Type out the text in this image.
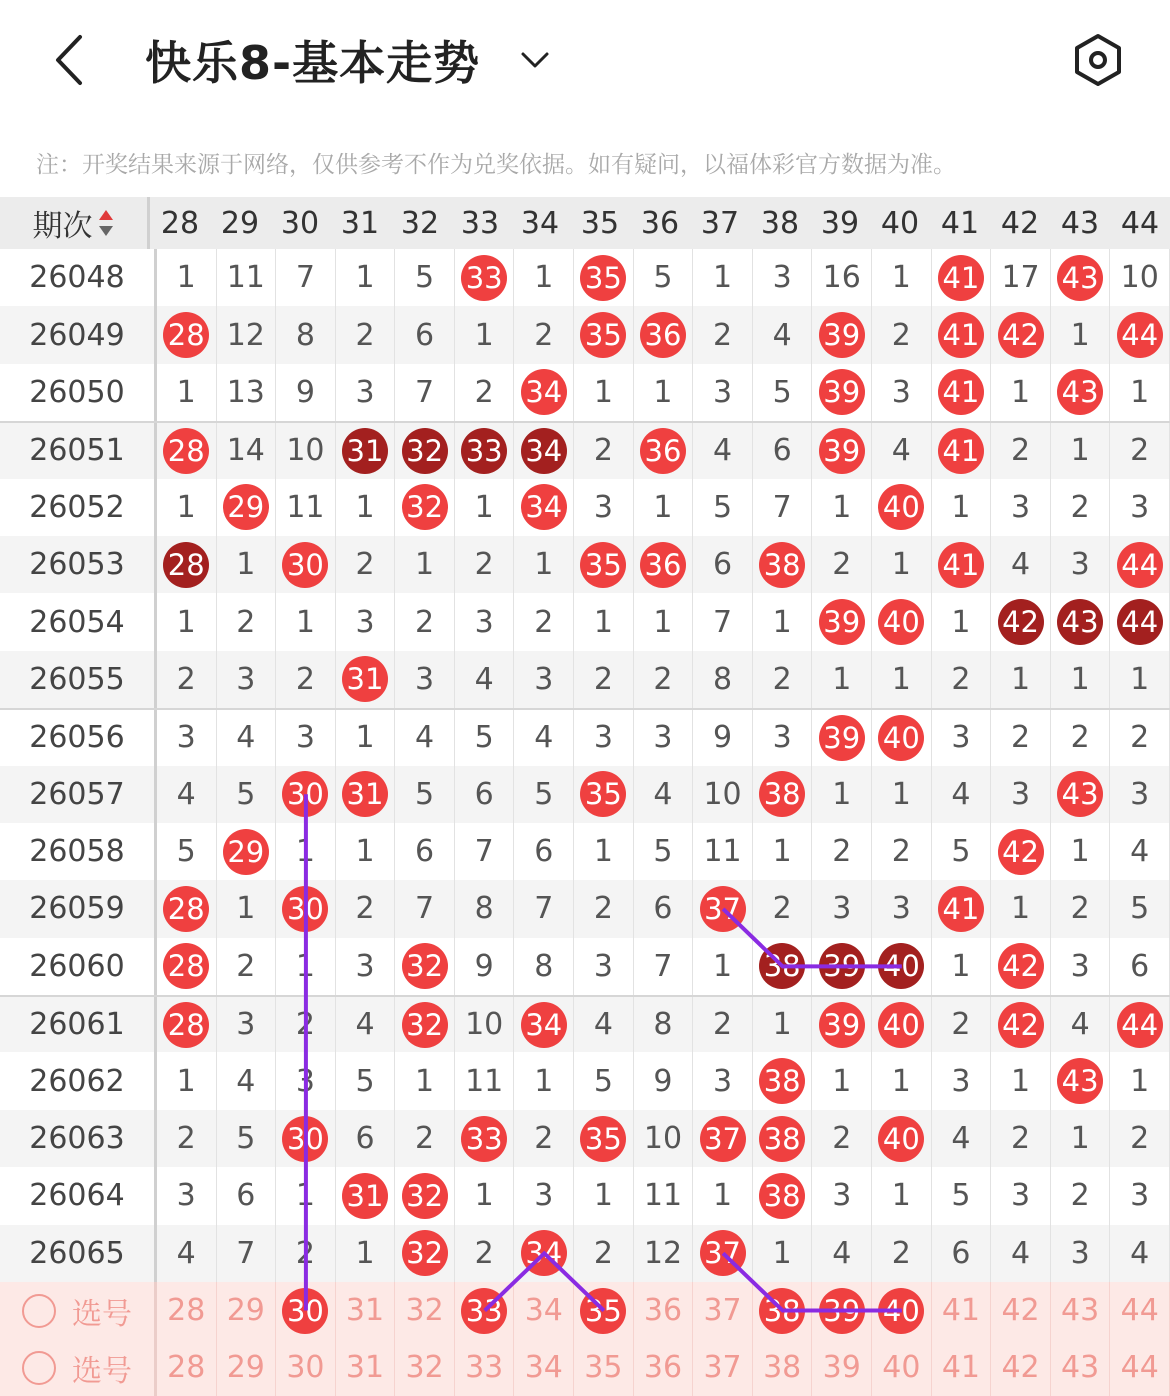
快乐8-基本走势
注：开奖结果来源于网络，仅供参考不作为兑奖依据。如有疑问，以福体彩官方数据为准。
期次	28 29 30 31 32 33 34 35 36 37 38 39 40 41 42 43 44
26048	1 11 7 1 5 33 1 35 5 1 3 16 1 41 17 43 10
26049	28 12 8 2 6 1 2 35 36 2 4 39 2 41 42 1 44
26050	1 13 9 3 7 2 34 1 1 3 5 39 3 41 1 43 1
26051	28 14 10 31 32 33 34 2 36 4 6 39 4 41 2 1 2
26052	1 29 11 1 32 1 34 3 1 5 7 1 40 1 3 2 3
26053	28 1 30 2 1 2 1 35 36 6 38 2 1 41 4 3 44
26054	1 2 1 3 2 3 2 1 1 7 1 39 40 1 42 43 44
26055	2 3 2 31 3 4 3 2 2 8 2 1 1 2 1 1 1
26056	3 4 3 1 4 5 4 3 3 9 3 39 40 3 2 2 2
26057	4 5 30 31 5 6 5 35 4 10 38 1 1 4 3 43 3
26058	5 29 1 1 6 7 6 1 5 11 1 2 2 5 42 1 4
26059	28 1 30 2 7 8 7 2 6 37 2 3 3 41 1 2 5
26060	28 2 1 3 32 9 8 3 7 1 38 39 40 1 42 3 6
26061	28 3 2 4 32 10 34 4 8 2 1 39 40 2 42 4 44
26062	1 4 3 5 1 11 1 5 9 3 38 1 1 3 1 43 1
26063	2 5 30 6 2 33 2 35 10 37 38 2 40 4 2 1 2
26064	3 6 1 31 32 1 3 1 11 1 38 3 1 5 3 2 3
26065	4 7 2 1 32 2 34 2 12 37 1 4 2 6 4 3 4
选号 28 29 30 31 32 33 34 35 36 37 38 39 40 41 42 43 44
选号 28 29 30 31 32 33 34 35 36 37 38 39 40 41 42 43 44
